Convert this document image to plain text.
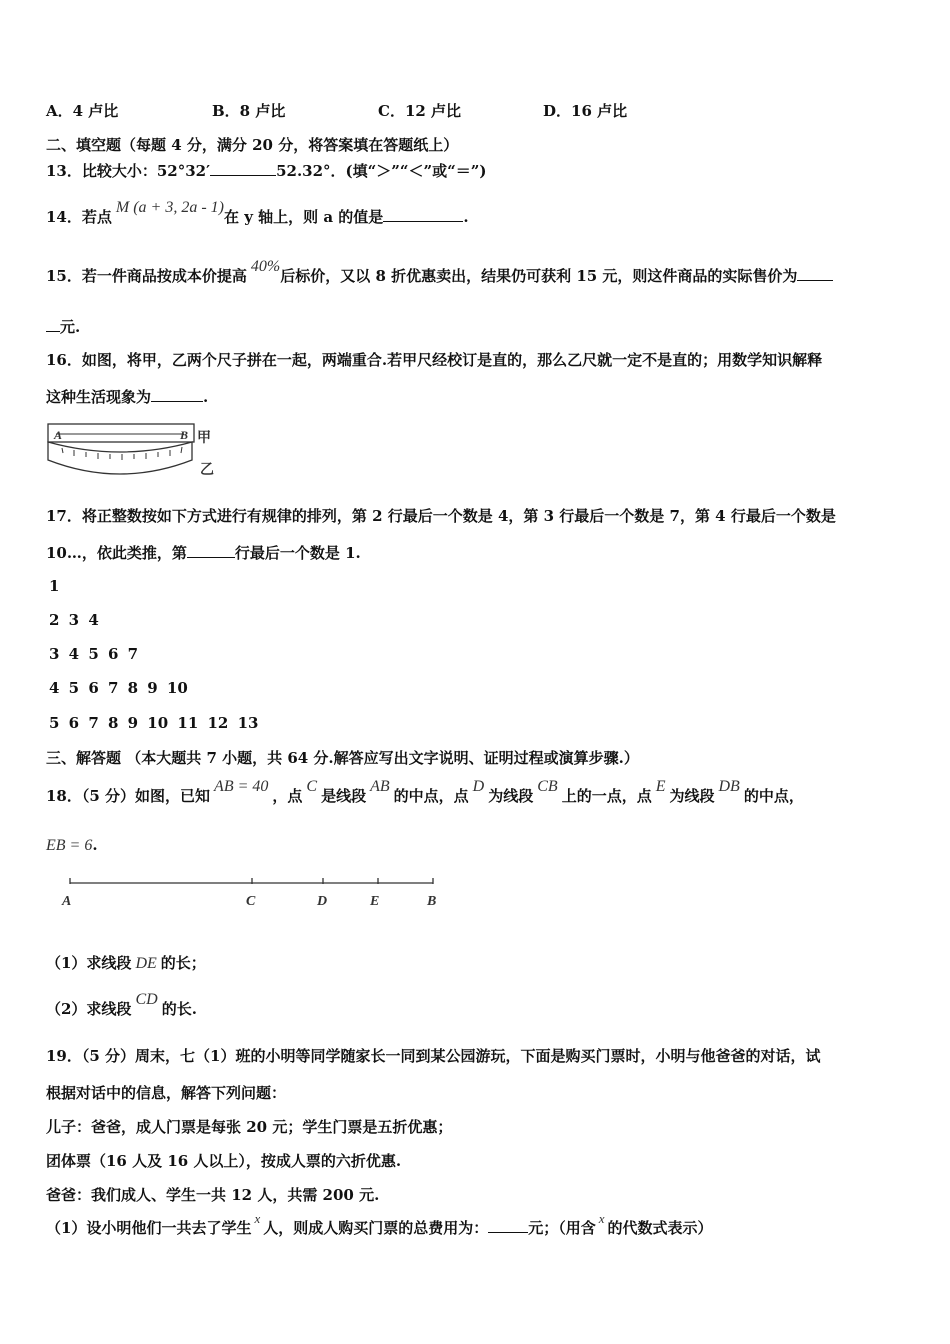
A．4 卢比	B．8 卢比	C．12 卢比	D．16 卢比
二、填空题（每题 4 分，满分 20 分，将答案填在答题纸上）
13．比较大小：52°32′	52.32°．(填“＞”“＜”或“＝”)
14．若点M (a + 3, 2a - 1)在 y 轴上，则 a 的值是	.
15．若一件商品按成本价提高40%后标价，又以 8 折优惠卖出，结果仍可获利 15 元，则这件商品的实际售价为
元.
16．如图，将甲，乙两个尺子拼在一起，两端重合.若甲尺经校订是直的，那么乙尺就一定不是直的；用数学知识解释
这种生活现象为	.
A	B 甲
乙
17．将正整数按如下方式进行有规律的排列，第 2 行最后一个数是 4，第 3 行最后一个数是 7，第 4 行最后一个数是
10…，依此类推，第	行最后一个数是 1.
1
2 3 4
3 4 5 6 7
4 5 6 7 8 9 10
5 6 7 8 9 10 11 12 13
三、解答题 （本大题共 7 小题，共 64 分.解答应写出文字说明、证明过程或演算步骤.）
18．（5 分）如图，已知AB = 40，点C是线段AB的中点，点D为线段CB上的一点，点E为线段DB的中点，
EB = 6.
A	C	D	E	B
（1）求线段 DE 的长；
（2）求线段CD的长.
19．（5 分）周末，七（1）班的小明等同学随家长一同到某公园游玩，下面是购买门票时，小明与他爸爸的对话，试
根据对话中的信息，解答下列问题：
儿子：爸爸，成人门票是每张 20 元；学生门票是五折优惠；
团体票（16 人及 16 人以上），按成人票的六折优惠.
爸爸：我们成人、学生一共 12 人，共需 200 元.
（1）设小明他们一共去了学生x人，则成人购买门票的总费用为：	元；（用含x的代数式表示）
